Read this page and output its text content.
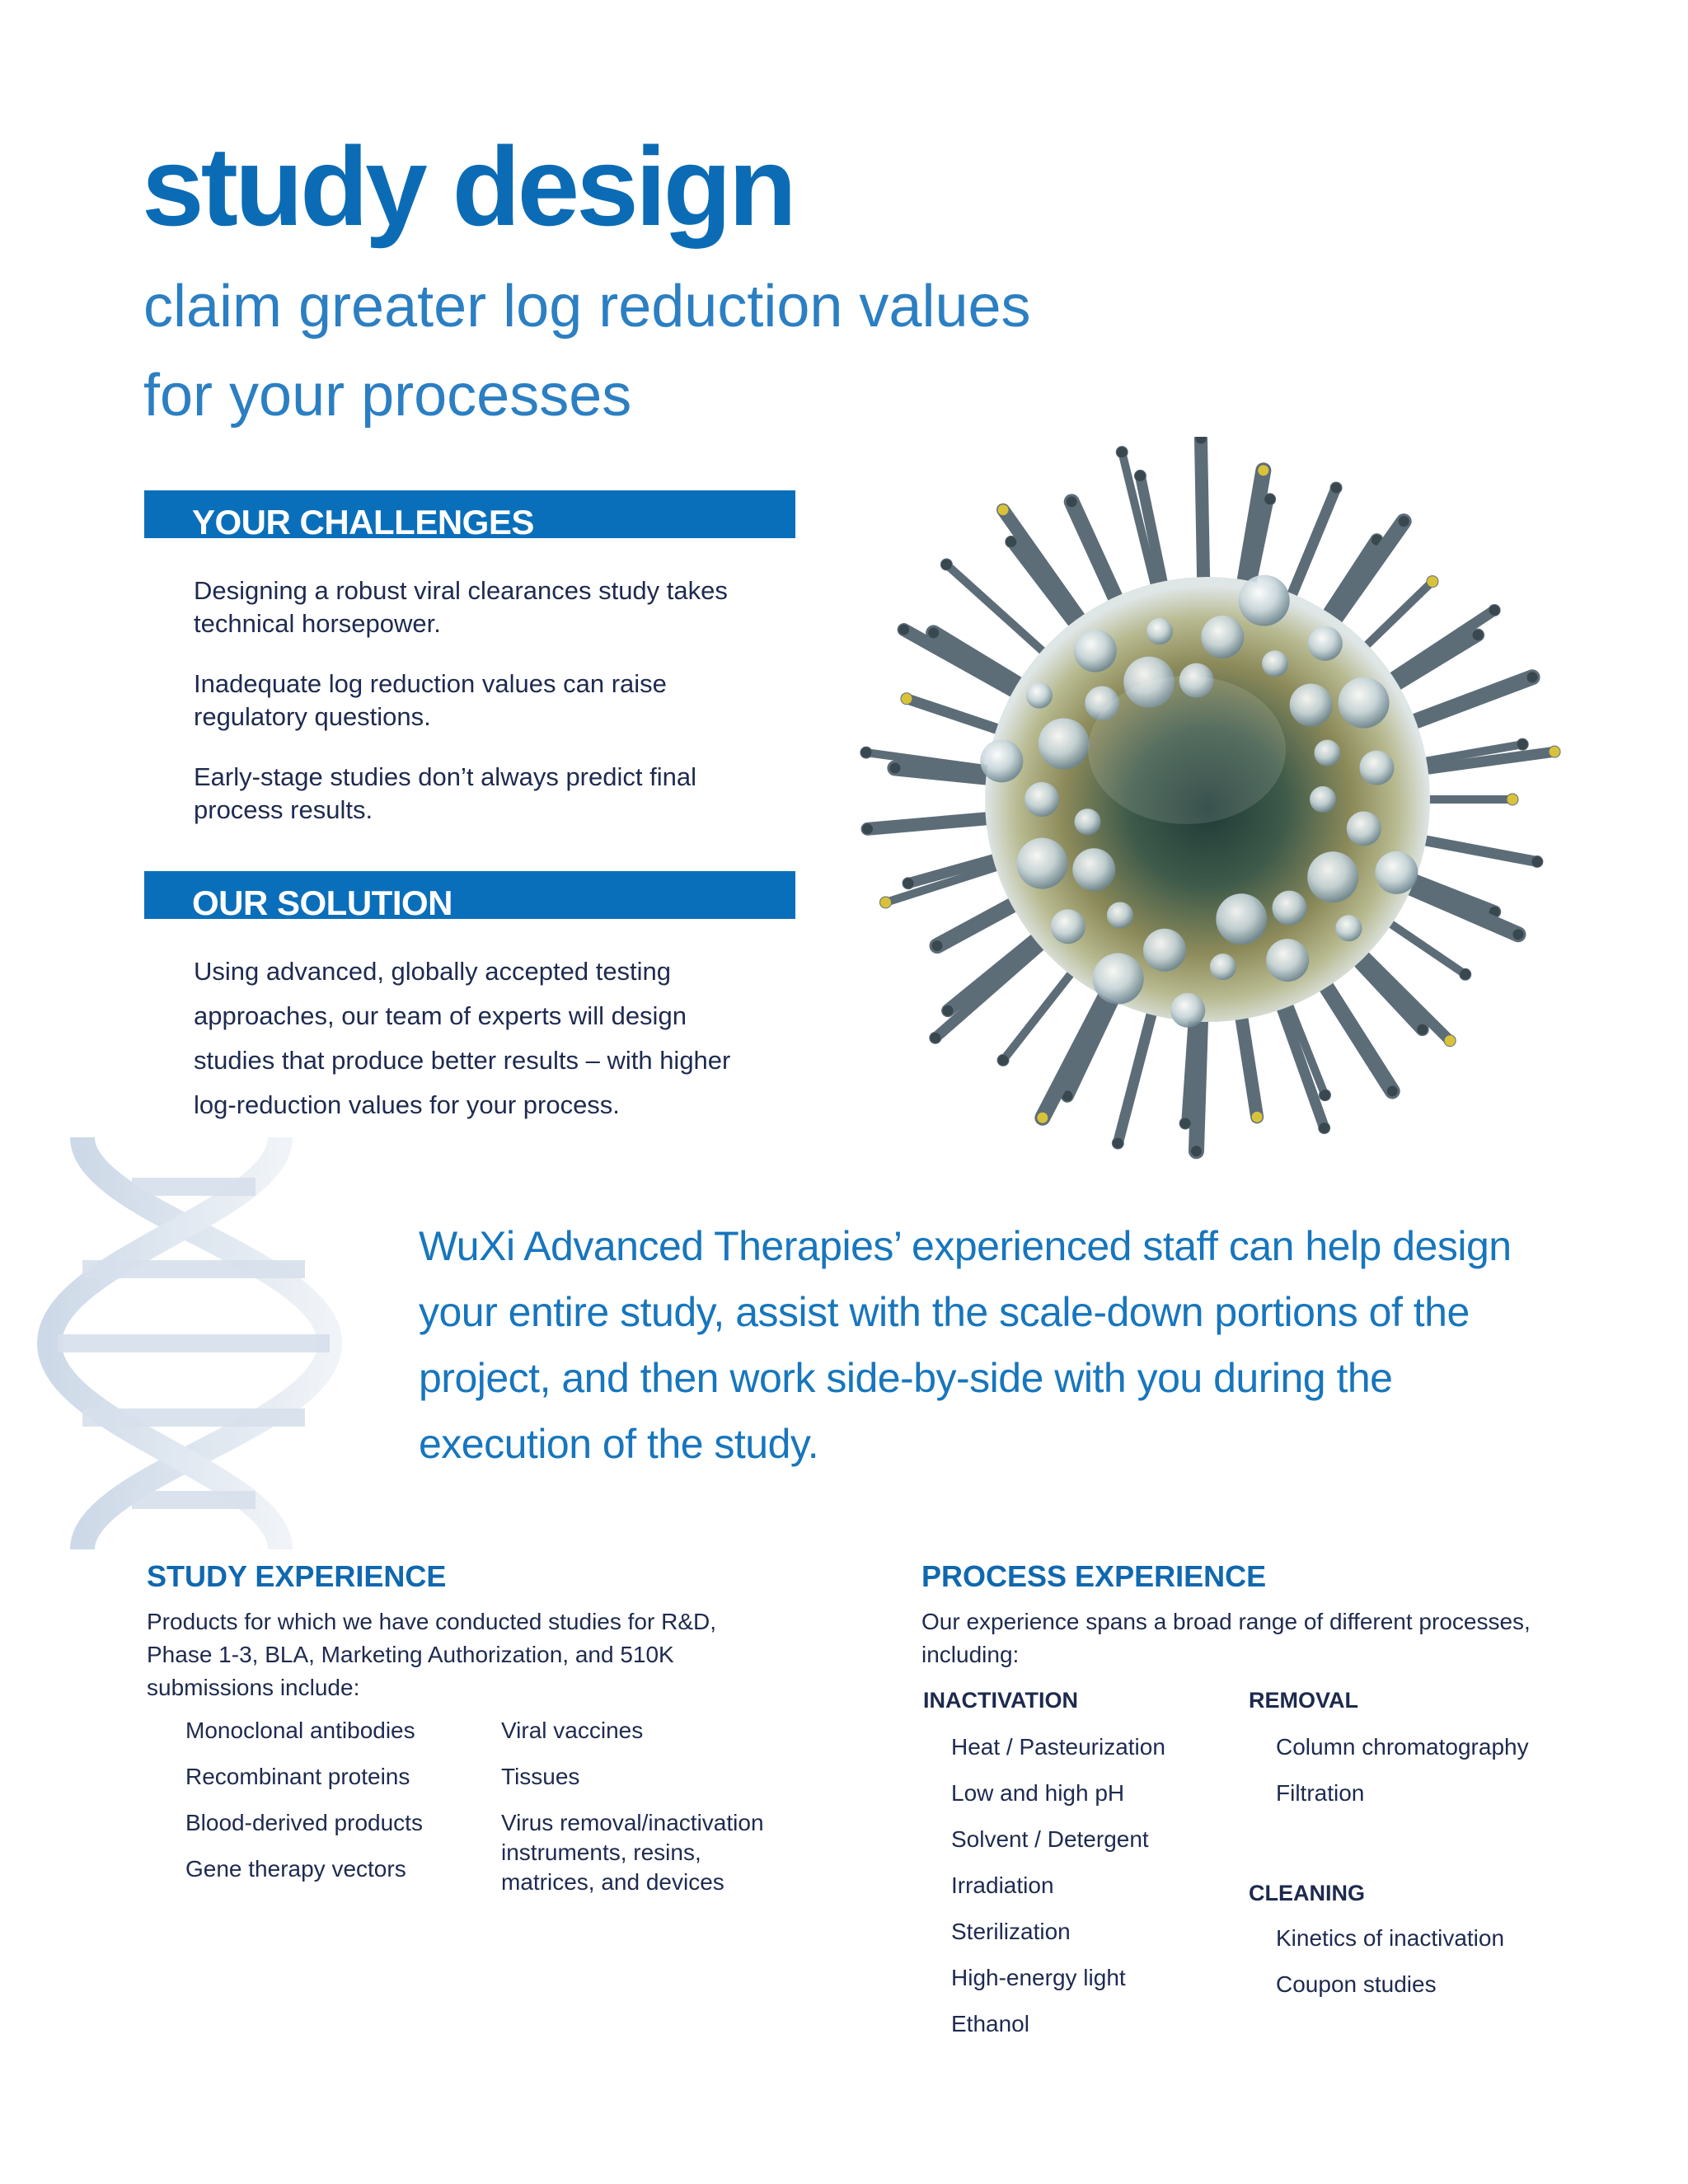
study design
claim greater log reduction values
for your processes
YOUR CHALLENGES

Designing a robust viral clearances study takes technical horsepower.

Inadequate log reduction values can raise regulatory questions.

Early-stage studies don’t always predict final process results.

OUR SOLUTION

Using advanced, globally accepted testing approaches, our team of experts will design studies that produce better results – with higher log-reduction values for your process.

WuXi Advanced Therapies’ experienced staff can help design your entire study, assist with the scale-down portions of the project, and then work side-by-side with you during the execution of the study.

STUDY EXPERIENCE

Products for which we have conducted studies for R&D, Phase 1-3, BLA, Marketing Authorization, and 510K submissions include:

Monoclonal antibodies
Recombinant proteins
Blood-derived products
Gene therapy vectors
Viral vaccines
Tissues
Virus removal/inactivation instruments, resins, matrices, and devices
PROCESS EXPERIENCE

Our experience spans a broad range of different processes, including:

INACTIVATION
Heat / Pasteurization
Low and high pH
Solvent / Detergent
Irradiation
Sterilization
High-energy light
Ethanol
REMOVAL
Column chromatography
Filtration
CLEANING
Kinetics of inactivation
Coupon studies
